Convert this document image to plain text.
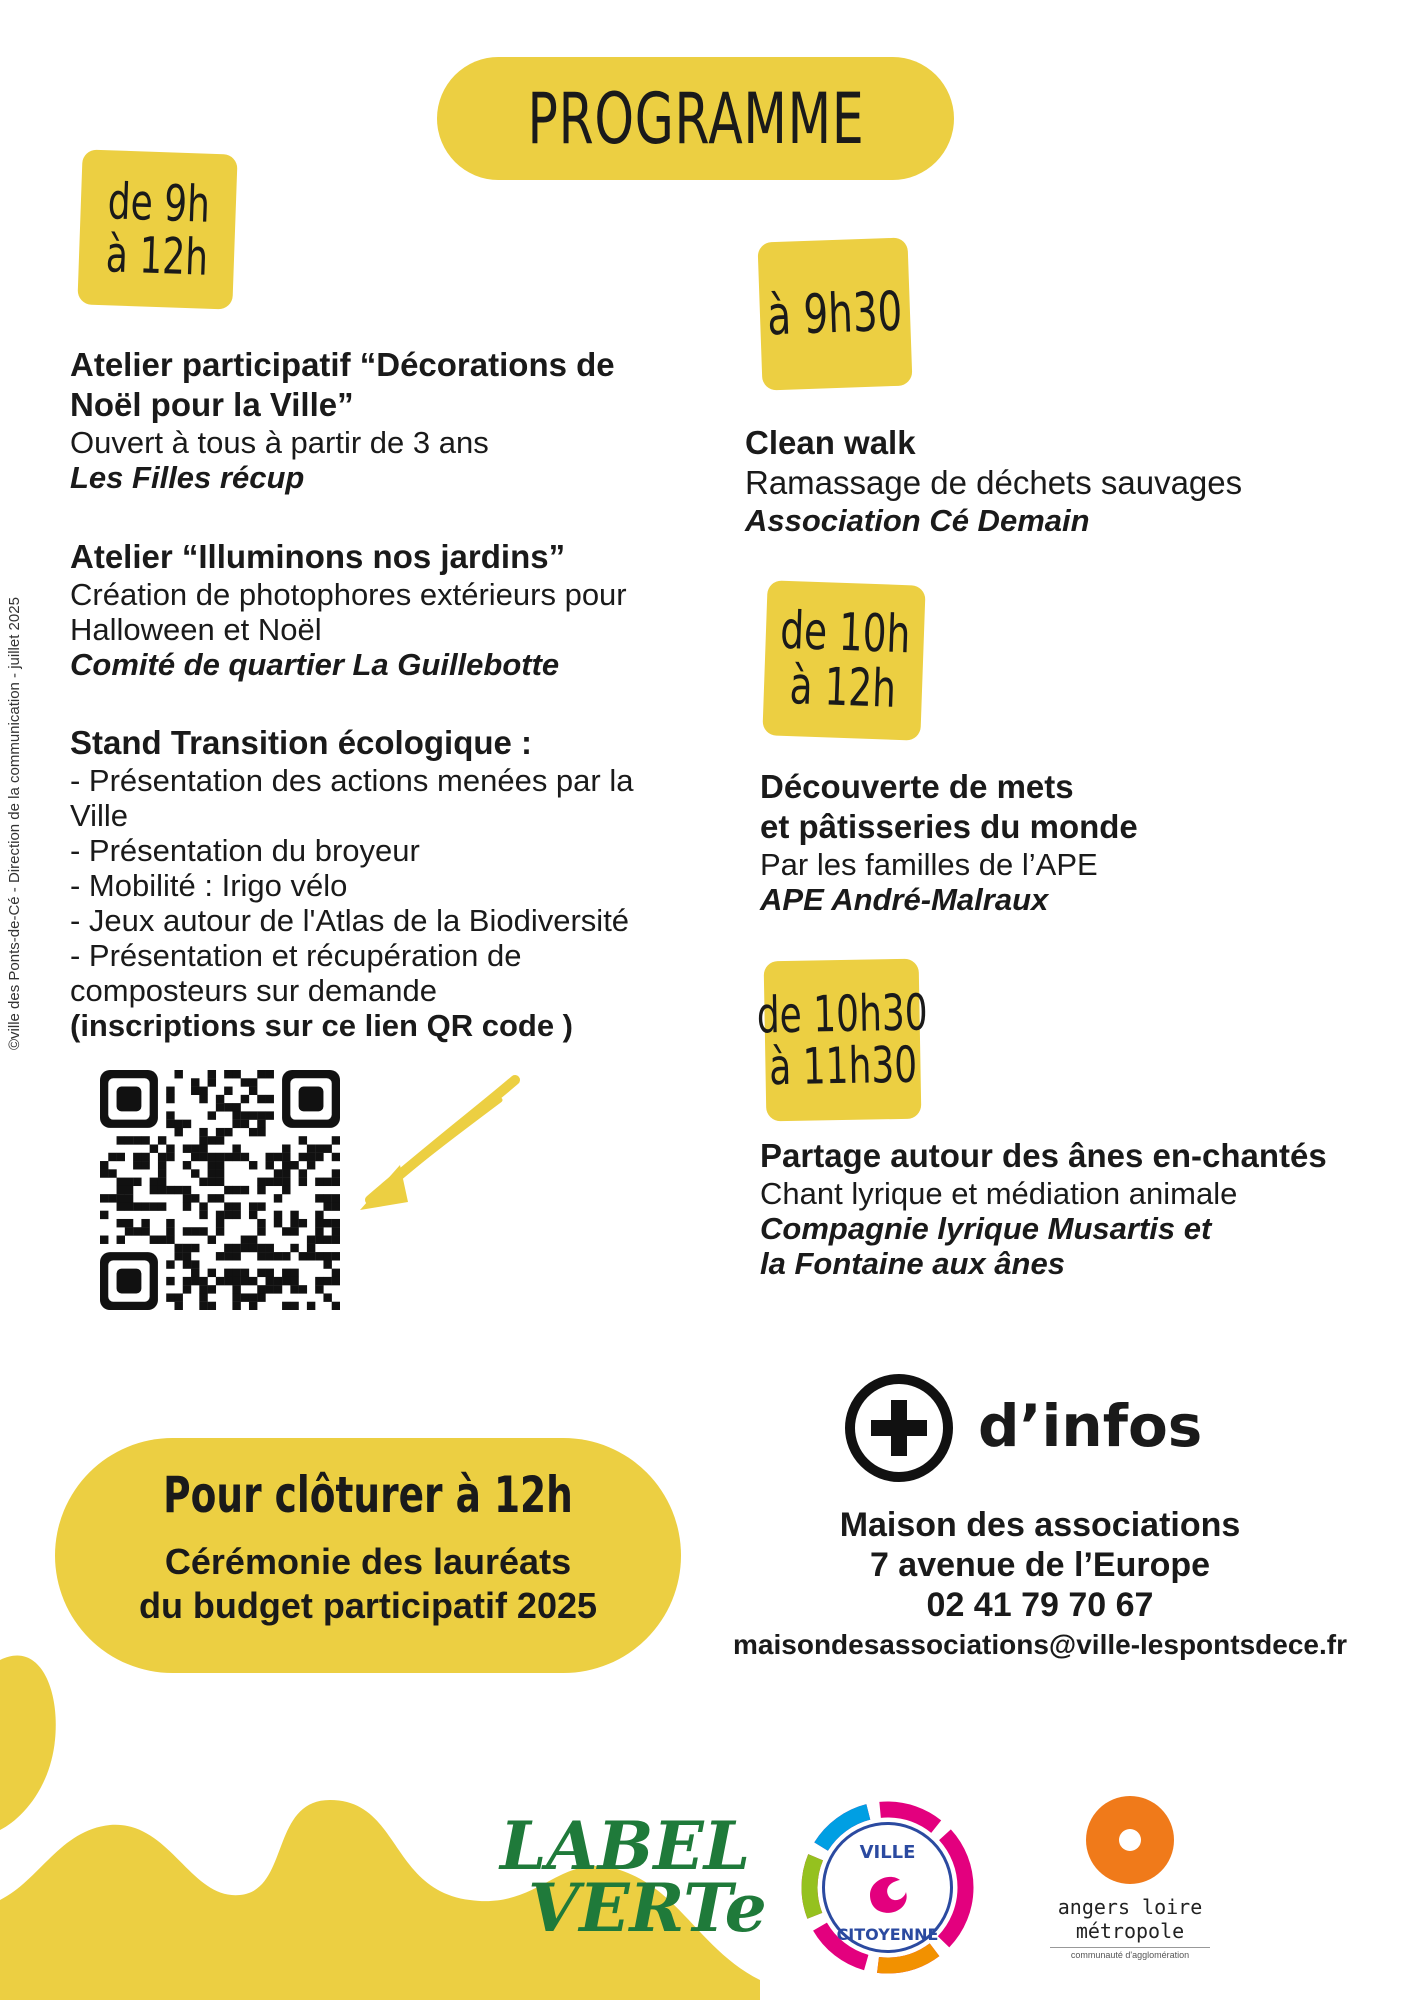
PROGRAMME
©ville des Ponts-de-Cé - Direction de la communication - juillet 2025
de 9h
à 12h
Atelier participatif “Décorations de
Noël pour la Ville”
Ouvert à tous à partir de 3 ans
Les Filles récup
Atelier “Illuminons nos jardins”
Création de photophores extérieurs pour
Halloween et Noël
Comité de quartier La Guillebotte
Stand Transition écologique :
- Présentation des actions menées par la
Ville
- Présentation du broyeur
- Mobilité : Irigo vélo
- Jeux autour de l'Atlas de la Biodiversité
- Présentation et récupération de
composteurs sur demande
(inscriptions sur ce lien QR code )
à 9h30
Clean walk
Ramassage de déchets sauvages
Association Cé Demain
de 10h
à 12h
Découverte de mets
et pâtisseries du monde
Par les familles de l’APE
APE André-Malraux
de 10h30
à 11h30
Partage autour des ânes en-chantés
Chant lyrique et médiation animale
Compagnie lyrique Musartis et
la Fontaine aux ânes
Pour clôturer à 12h
Cérémonie des lauréats
du budget participatif 2025
d’infos
Maison des associations
7 avenue de l’Europe
02 41 79 70 67
maisondesassociations@ville-lespontsdece.fr
LABEL
VERTe
VILLE
CITOYENNE
angers loire
métropole
communauté d'agglomération
